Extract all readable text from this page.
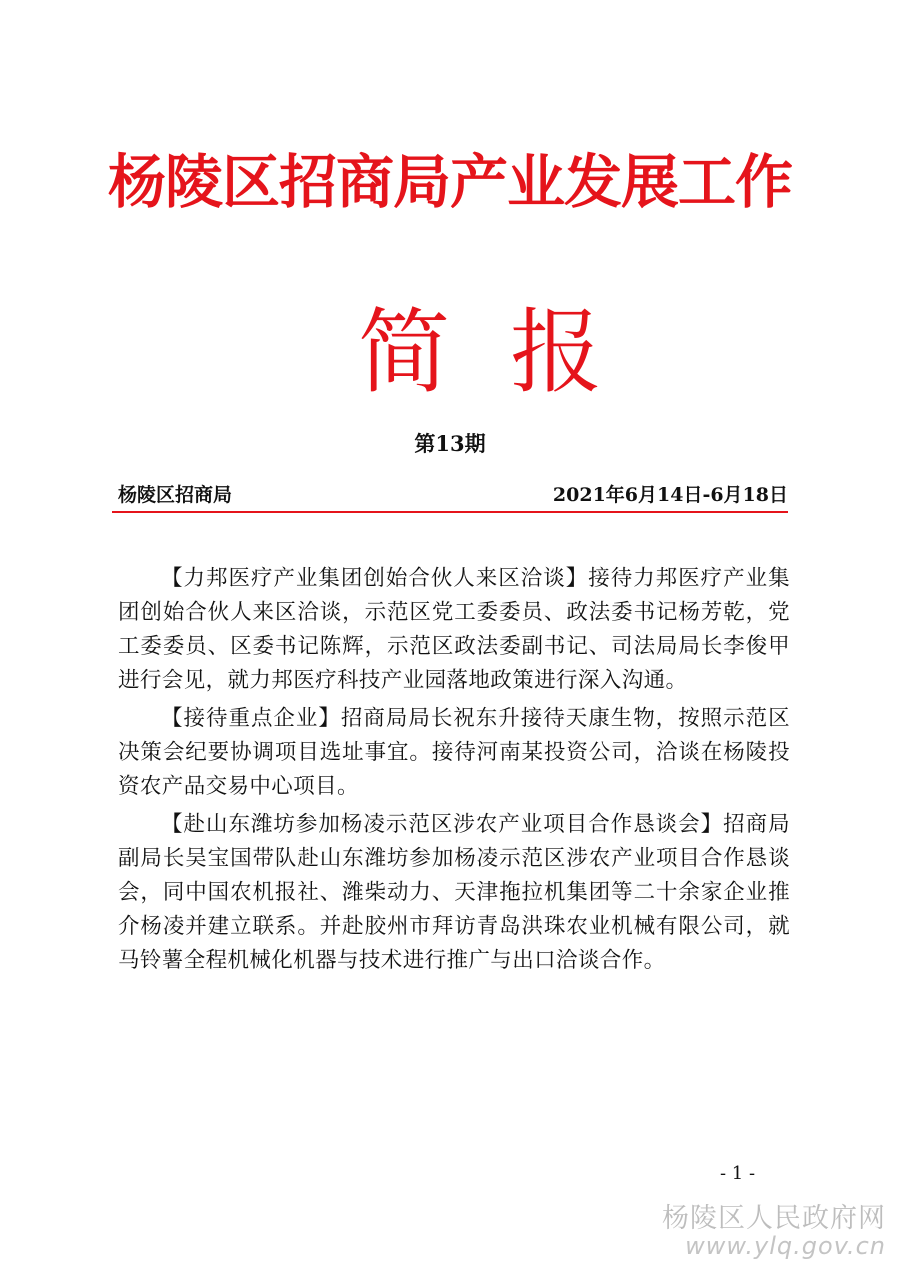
杨陵区招商局产业发展工作
简报
第13期
杨陵区招商局	2021年6月14日-6月18日

【力邦医疗产业集团创始合伙人来区洽谈】接待力邦医疗产业集团创始合伙人来区洽谈，示范区党工委委员、政法委书记杨芳乾，党工委委员、区委书记陈辉，示范区政法委副书记、司法局局长李俊甲进行会见，就力邦医疗科技产业园落地政策进行深入沟通。

【接待重点企业】招商局局长祝东升接待天康生物，按照示范区决策会纪要协调项目选址事宜。接待河南某投资公司，洽谈在杨陵投资农产品交易中心项目。

【赴山东潍坊参加杨凌示范区涉农产业项目合作恳谈会】招商局副局长吴宝国带队赴山东潍坊参加杨凌示范区涉农产业项目合作恳谈会，同中国农机报社、潍柴动力、天津拖拉机集团等二十余家企业推介杨凌并建立联系。并赴胶州市拜访青岛洪珠农业机械有限公司，就马铃薯全程机械化机器与技术进行推广与出口洽谈合作。

- 1 -
杨陵区人民政府网
www.ylq.gov.cn
